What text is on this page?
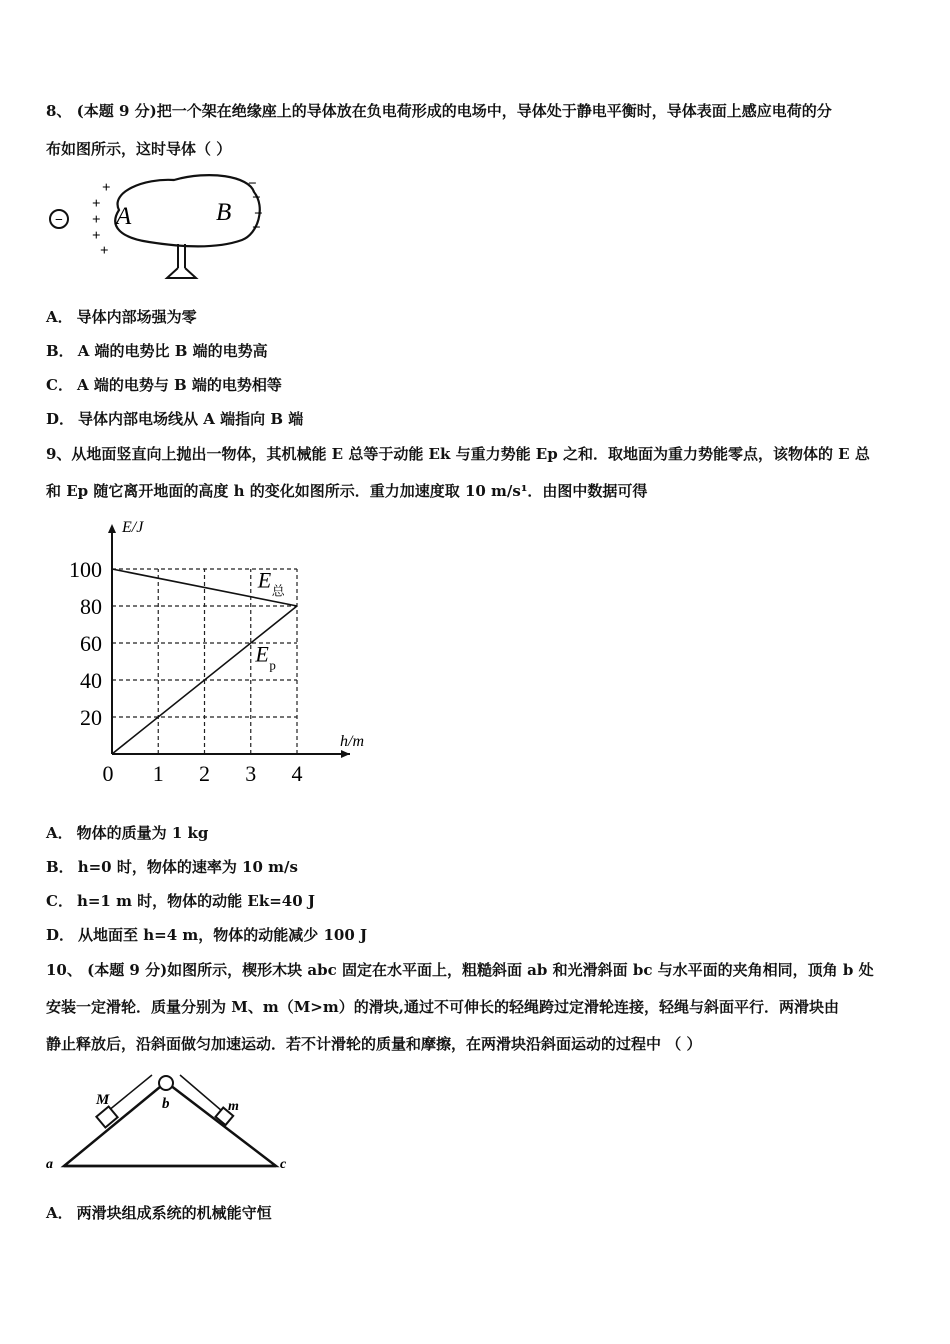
8、 (本题 9 分)把一个架在绝缘座上的导体放在负电荷形成的电场中，导体处于静电平衡时，导体表面上感应电荷的分
布如图所示，这时导体（ ）
−
+
+
+
+
+
A	B
−
−
−
−
A． 导体内部场强为零
B． A 端的电势比 B 端的电势高
C． A 端的电势与 B 端的电势相等
D． 导体内部电场线从 A 端指向 B 端
9、从地面竖直向上抛出一物体，其机械能 E 总等于动能 Ek 与重力势能 Ep 之和．取地面为重力势能零点，该物体的 E 总
和 Ep 随它离开地面的高度 h 的变化如图所示．重力加速度取 10 m/s¹．由图中数据可得
0 1 2 3 4
20
40
60
80
100
E/J
h/m
E 总
E p
A． 物体的质量为 1 kg
B． h=0 时，物体的速率为 10 m/s
C． h=1 m 时，物体的动能 Ek=40 J
D． 从地面至 h=4 m，物体的动能减少 100 J
10、 (本题 9 分)如图所示，楔形木块 abc 固定在水平面上，粗糙斜面 ab 和光滑斜面 bc 与水平面的夹角相同，顶角 b 处
安装一定滑轮．质量分别为 M、m（M>m）的滑块,通过不可伸长的轻绳跨过定滑轮连接，轻绳与斜面平行．两滑块由
静止释放后，沿斜面做匀加速运动．若不计滑轮的质量和摩擦，在两滑块沿斜面运动的过程中 （ ）
M	m
b
a	c
A． 两滑块组成系统的机械能守恒
